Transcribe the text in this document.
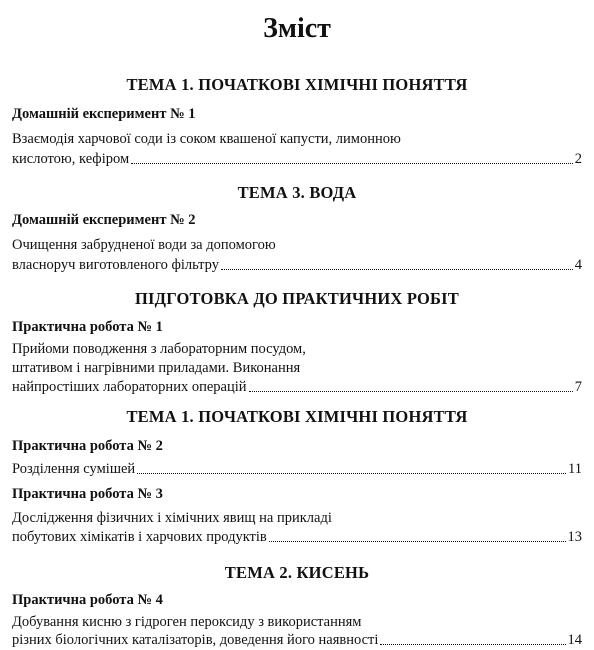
Зміст
ТЕМА 1. ПОЧАТКОВІ ХІМІЧНІ ПОНЯТТЯ
Домашній експеримент № 1
Взаємодія харчової соди із соком квашеної капусти, лимонною
кислотою, кефіром	2
ТЕМА 3. ВОДА
Домашній експеримент № 2
Очищення забрудненої води за допомогою
власноруч виготовленого фільтру	4
ПІДГОТОВКА ДО ПРАКТИЧНИХ РОБІТ
Практична робота № 1
Прийоми поводження з лабораторним посудом,
штативом і нагрівними приладами. Виконання
найпростіших лабораторних операцій	7
ТЕМА 1. ПОЧАТКОВІ ХІМІЧНІ ПОНЯТТЯ
Практична робота № 2
Розділення сумішей	11
Практична робота № 3
Дослідження фізичних і хімічних явищ на прикладі
побутових хімікатів і харчових продуктів	13
ТЕМА 2. КИСЕНЬ
Практична робота № 4
Добування кисню з гідроген пероксиду з використанням
різних біологічних каталізаторів, доведення його наявності	14
